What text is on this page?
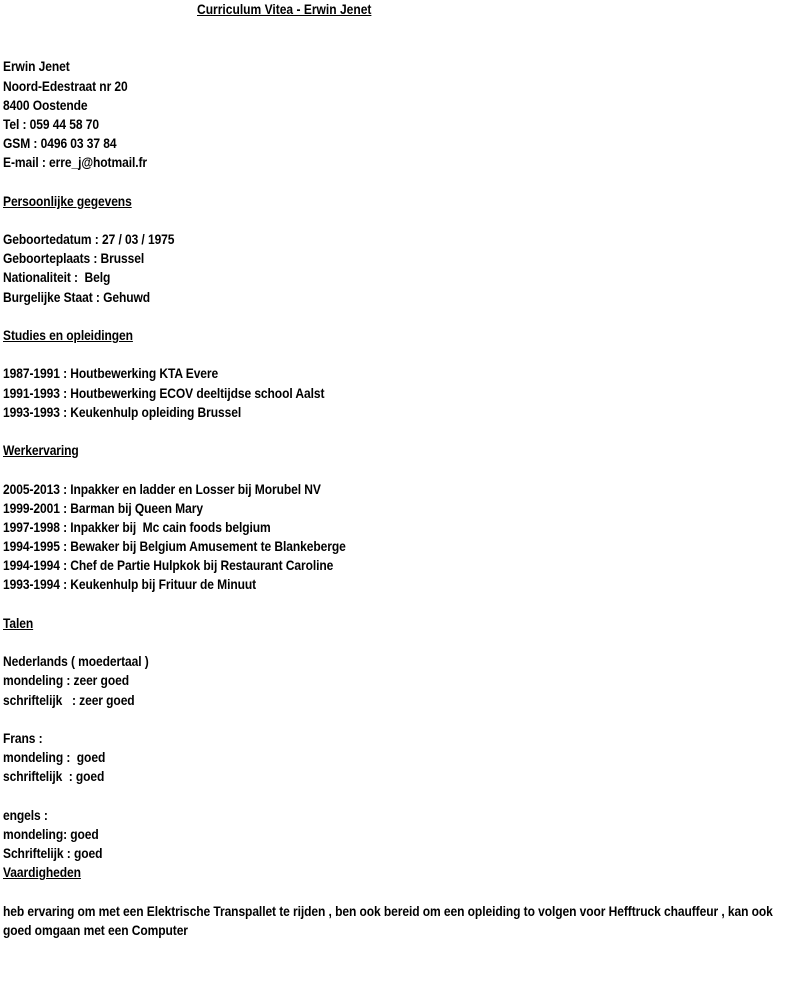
Curriculum Vitea - Erwin Jenet
Erwin Jenet
Noord-Edestraat nr 20
8400 Oostende
Tel : 059 44 58 70
GSM : 0496 03 37 84
E-mail : erre_j@hotmail.fr
Persoonlijke gegevens
Geboortedatum : 27 / 03 / 1975
Geboorteplaats : Brussel
Nationaliteit :  Belg
Burgelijke Staat : Gehuwd
Studies en opleidingen
1987-1991 : Houtbewerking KTA Evere
1991-1993 : Houtbewerking ECOV deeltijdse school Aalst
1993-1993 : Keukenhulp opleiding Brussel
Werkervaring
2005-2013 : Inpakker en ladder en Losser bij Morubel NV
1999-2001 : Barman bij Queen Mary
1997-1998 : Inpakker bij  Mc cain foods belgium
1994-1995 : Bewaker bij Belgium Amusement te Blankeberge
1994-1994 : Chef de Partie Hulpkok bij Restaurant Caroline
1993-1994 : Keukenhulp bij Frituur de Minuut
Talen
Nederlands ( moedertaal )
mondeling : zeer goed
schriftelijk   : zeer goed
Frans :
mondeling :  goed
schriftelijk  : goed
engels :
mondeling: goed
Schriftelijk : goed
Vaardigheden
heb ervaring om met een Elektrische Transpallet te rijden , ben ook bereid om een opleiding to volgen voor Hefftruck chauffeur , kan ook goed omgaan met een Computer
